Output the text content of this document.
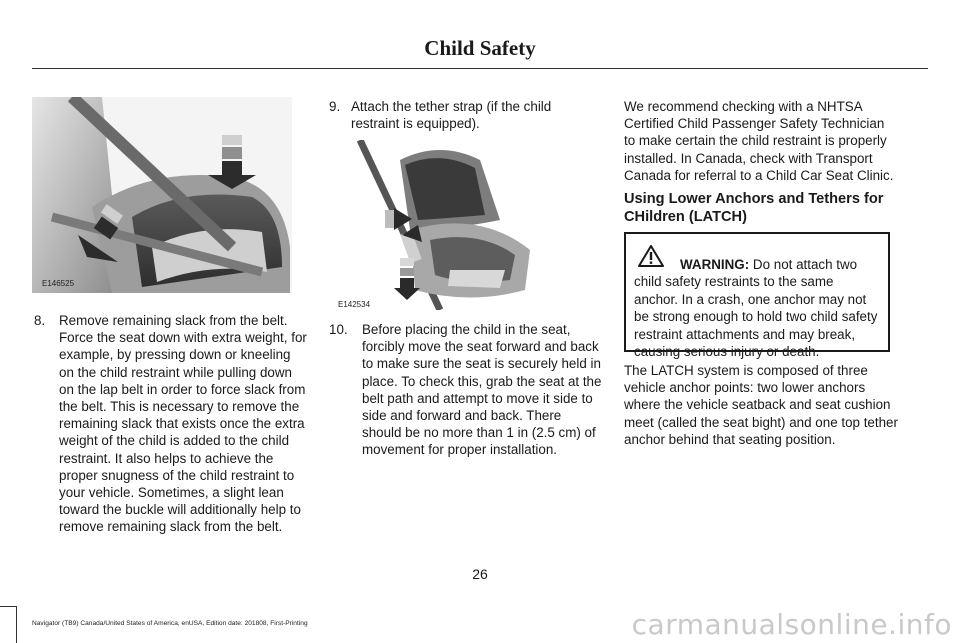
Child Safety
E146525
8. Remove remaining slack from the belt. Force the seat down with extra weight, for example, by pressing down or kneeling on the child restraint while pulling down on the lap belt in order to force slack from the belt. This is necessary to remove the remaining slack that exists once the extra weight of the child is added to the child restraint. It also helps to achieve the proper snugness of the child restraint to your vehicle. Sometimes, a slight lean toward the buckle will additionally help to remove remaining slack from the belt.
9. Attach the tether strap (if the child restraint is equipped).
E142534
10. Before placing the child in the seat, forcibly move the seat forward and back to make sure the seat is securely held in place. To check this, grab the seat at the belt path and attempt to move it side to side and forward and back. There should be no more than 1 in (2.5 cm) of movement for proper installation.
We recommend checking with a NHTSA Certified Child Passenger Safety Technician to make certain the child restraint is properly installed. In Canada, check with Transport Canada for referral to a Child Car Seat Clinic.
Using Lower Anchors and Tethers for CHildren (LATCH)
WARNING: Do not attach two child safety restraints to the same anchor. In a crash, one anchor may not be strong enough to hold two child safety restraint attachments and may break, causing serious injury or death.
The LATCH system is composed of three vehicle anchor points: two lower anchors where the vehicle seatback and seat cushion meet (called the seat bight) and one top tether anchor behind that seating position.
26
Navigator (TB9) Canada/United States of America, enUSA, Edition date: 201808, First-Printing	carmanualsonline.info
